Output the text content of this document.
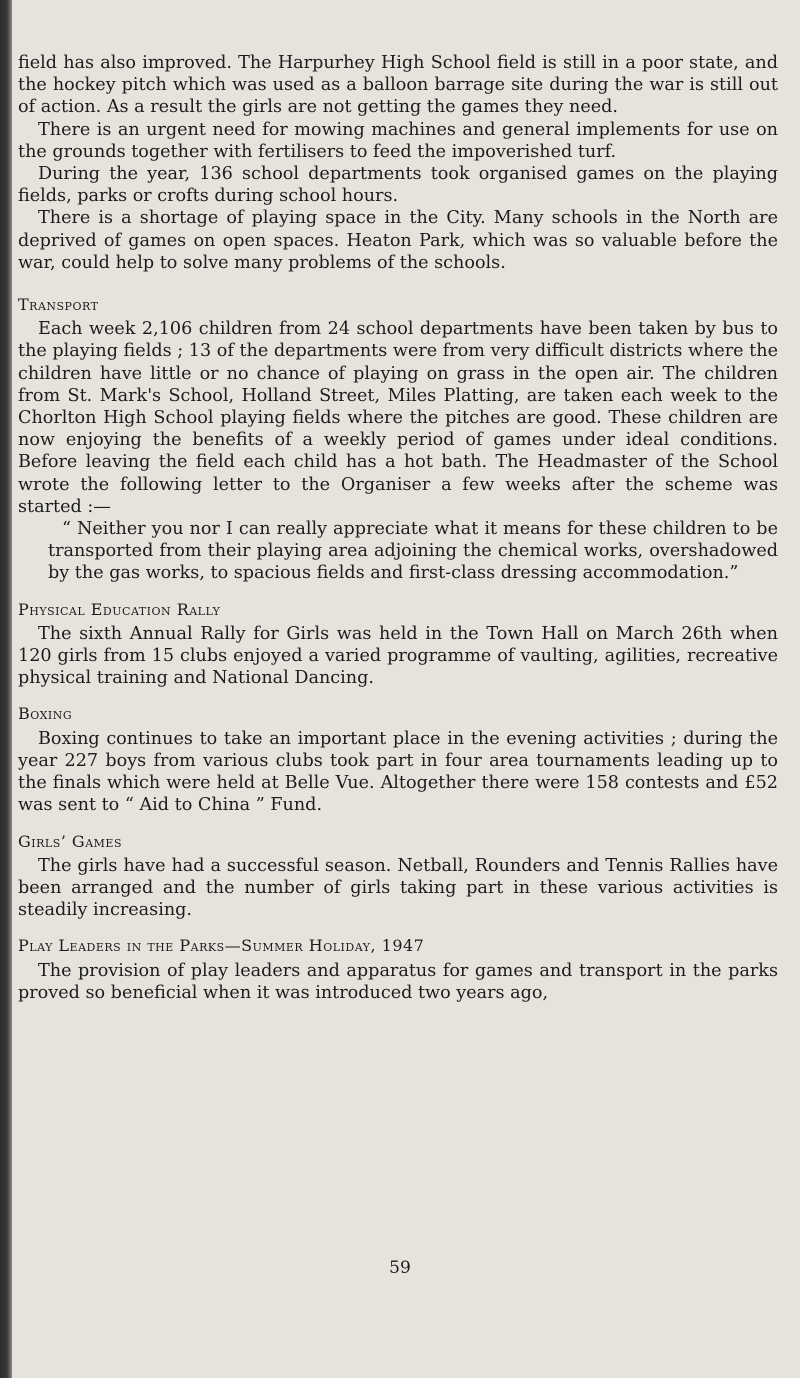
field has also improved. The Harpurhey High School field is still in a poor state, and the hockey pitch which was used as a balloon barrage site during the war is still out of action. As a result the girls are not getting the games they need.

There is an urgent need for mowing machines and general implements for use on the grounds together with fertilisers to feed the impoverished turf.

During the year, 136 school departments took organised games on the playing fields, parks or crofts during school hours.

There is a shortage of playing space in the City. Many schools in the North are deprived of games on open spaces. Heaton Park, which was so valuable before the war, could help to solve many problems of the schools.

Transport

Each week 2,106 children from 24 school departments have been taken by bus to the playing fields ; 13 of the departments were from very difficult districts where the children have little or no chance of playing on grass in the open air. The children from St. Mark's School, Holland Street, Miles Platting, are taken each week to the Chorlton High School playing fields where the pitches are good. These children are now enjoying the benefits of a weekly period of games under ideal conditions. Before leaving the field each child has a hot bath. The Headmaster of the School wrote the following letter to the Organiser a few weeks after the scheme was started :—

“ Neither you nor I can really appreciate what it means for these children to be transported from their playing area adjoining the chemical works, overshadowed by the gas works, to spacious fields and first-class dressing accommodation.”

Physical Education Rally

The sixth Annual Rally for Girls was held in the Town Hall on March 26th when 120 girls from 15 clubs enjoyed a varied programme of vaulting, agilities, recreative physical training and National Dancing.

Boxing

Boxing continues to take an important place in the evening activities ; during the year 227 boys from various clubs took part in four area tournaments leading up to the finals which were held at Belle Vue. Altogether there were 158 contests and £52 was sent to “ Aid to China ” Fund.

Girls’ Games

The girls have had a successful season. Netball, Rounders and Tennis Rallies have been arranged and the number of girls taking part in these various activities is steadily increasing.

Play Leaders in the Parks—Summer Holiday, 1947

The provision of play leaders and apparatus for games and transport in the parks proved so beneficial when it was introduced two years ago,

59
